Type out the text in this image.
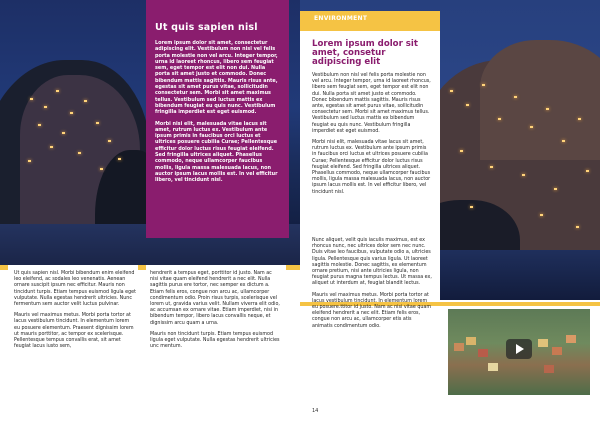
Ut quis sapien nisl

Lorem ipsum dolor sit amet, consectetur adipiscing elit. Vestibulum non nisl vel felis porta molestie non vel arcu. Integer tempor, urna id laoreet rhoncus, libero sem feugiat sem, eget tempor est elit non dui. Nulla porta sit amet justo et commodo. Donec bibendum mattis sagittis. Mauris risus ante, egestas sit amet purus vitae, sollicitudin consectetur sem. Morbi sit amet maximus tellus. Vestibulum sed luctus mattis ex bibendum feugiat eu quis nunc. Vestibulum fringilla imperdiet est eget euismod.

Morbi nisi elit, malesuada vitae lacus sit amet, rutrum luctus ex. Vestibulum ante ipsum primis in faucibus orci luctus et ultrices posuere cubilia Curae; Pellentesque efficitur dolor luctus risus feugiat eleifend. Sed fringilla ultrices aliquet. Phasellus commodo, neque ullamcorper faucibus mollis, ligula massa malesuada lacus, non auctor ipsum lacus mollis est. In vel efficitur libero, vel tincidunt nisl.

Ut quis sapien nisl. Morbi bibendum enim eleifend leo eleifend, ac sodales leo venenatis. Aenean ornare suscipit ipsum nec efficitur. Mauris non tincidunt turpis. Etiam tempus euismod ligula eget vulputate. Nulla egestas hendrerit ultricies. Nunc fermentum sem auctor velit luctus pulvinar.

Mauris vel maximus metus. Morbi porta tortor at lacus vestibulum tincidunt. In elementum lorem eu posuere elementum. Praesent dignissim lorem ut mauris porttitor, ac tempor ex scelerisque. Pellentesque tempus convallis erat, sit amet feugiat lacus iusto sem,

hendrerit a tempus eget, porttitor id justo. Nam ac nisi vitae quam eleifend hendrerit a nec elit. Nulla sagittis purus ere tortor, nec semper ex dictum a. Etiam felis eros, congue non arcu ac, ullamcorper condimentum odio. Proin risus turpis, scelerisque vel lorem ut, gravida varius velit. Nullam viverra elit odio, ac accumsan ex ornare vitae. Etiam imperdiet, nisi in bibendum tempor, libero lacus convallis neque, et dignissim arcu quam a urna.

Mauris non tincidunt turpis. Etiam tempus euismod ligula eget vulputate. Nulla egestas hendrerit ultricies unc mentum.

Lorem ipsum dolor sit amet, consetur adipiscing elit

Vestibulum non nisl vel felis porta molestie non vel arcu. Integer tempor, urna id laoreet rhoncus, libero sem feugiat sem, eget tempor est elit non dui. Nulla porta sit amet justo et commodo. Donec bibendum mattis sagittis. Mauris risus ante, egestas sit amet purus vitae, sollicitudin consectetur sem. Morbi sit amet maximus tellus. Vestibulum sed luctus mattis ex bibendum feugiat eu quis nunc. Vestibulum fringilla imperdiet est eget euismod.

Morbi nisi elit, malesuada vitae lacus sit amet, rutrum luctus ex. Vestibulum ante ipsum primis in faucibus orci luctus et ultrices posuere cubilia Curae; Pellentesque efficitur dolor luctus risus feugiat eleifend. Sed fringilla ultrices aliquet. Phasellus commodo, neque ullamcorper faucibus mollis, ligula massa malesuada lacus, non auctor ipsum lacus mollis est. In vel efficitur libero, vel tincidunt nisl.

ENVIRONMENT

Nunc aliquet, velit quis iaculis maximus, est ex rhoncus nunc, nec ultrices dolor sem nec nunc. Duis vitae leo faucibus, vulputate odio a, ultricies ligula. Pellentesque quis varius ligula. Ut laoreet sagittis molestie. Donec sagittis, ex elementum ornare pretium, nisi ante ultricies ligula, non feugiat purus magna tempus lectus. Ut massa ex, aliquet ut interdum at, feugiat blandit lectus.

Mauris vel maximus metus. Morbi porta tortor at lacus vestibulum tincidunt. In elementum lorem eu posuere.ttitor id justo. Nam ac nisi vitae quam eleifend hendrerit a nec elit. Etiam felis eros, congue non arcu ac, ullamcorper etis atis animatis condimentum odio.

14
